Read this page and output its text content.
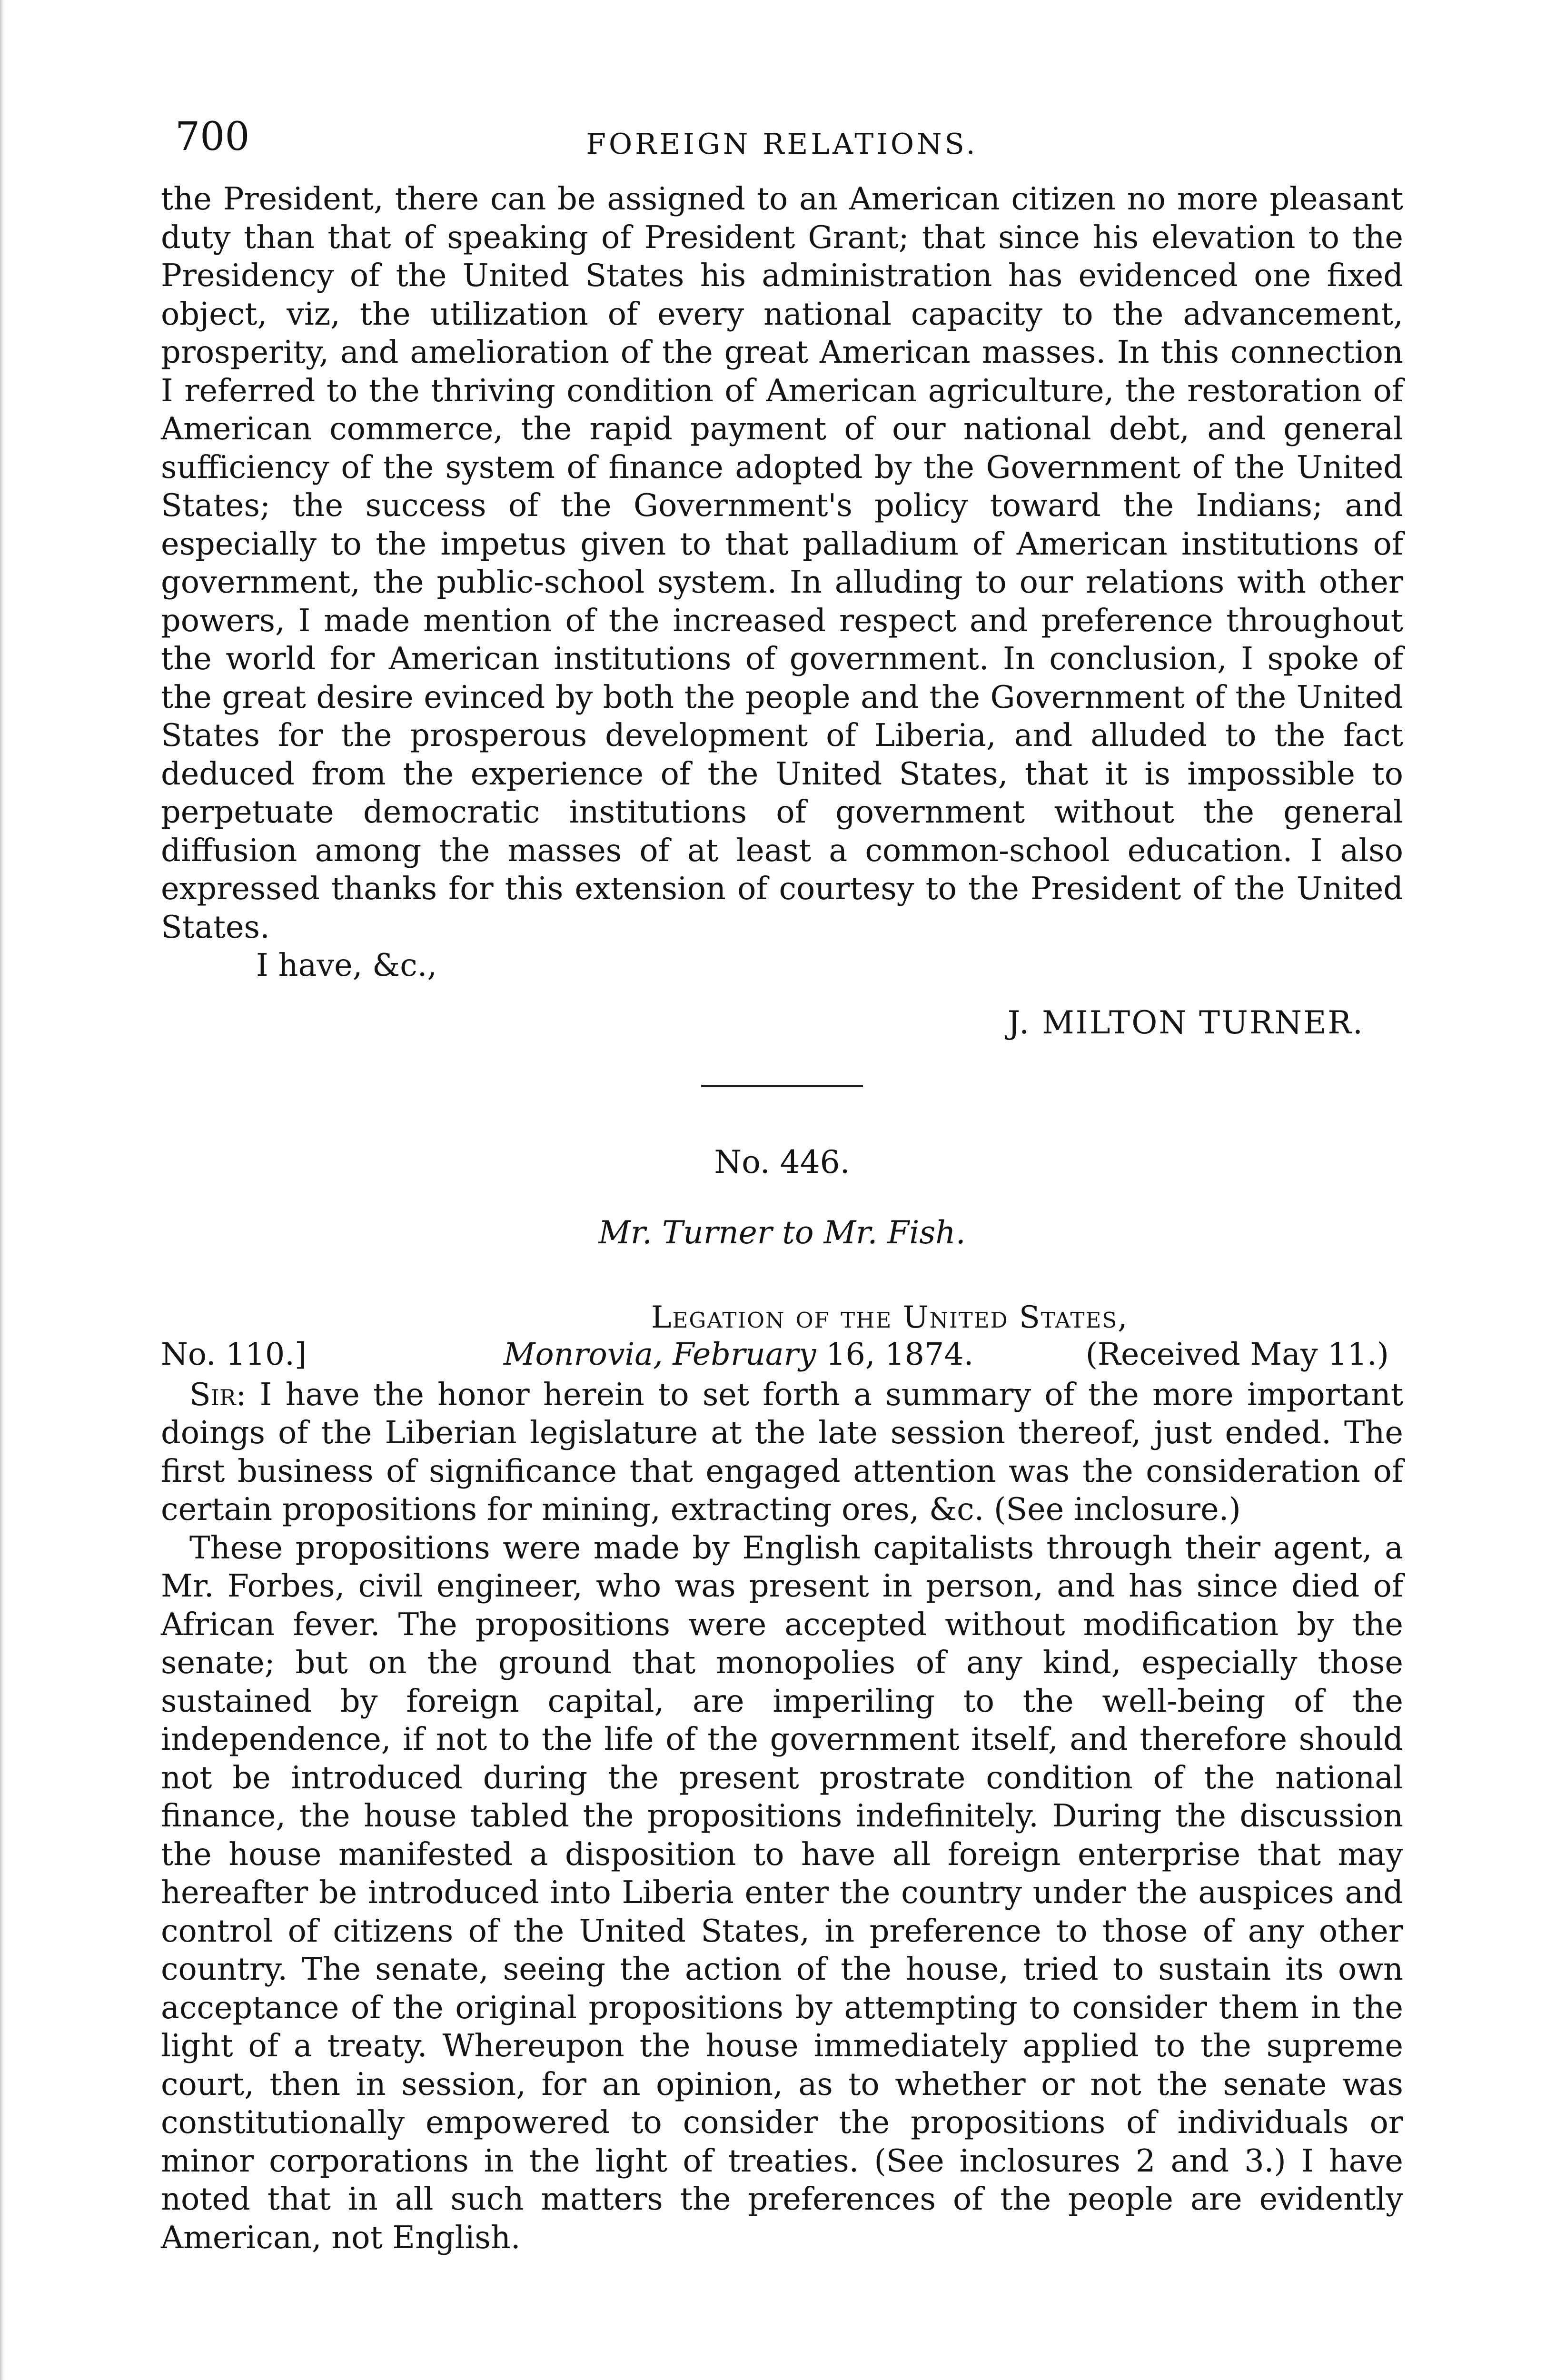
700	FOREIGN RELATIONS.

the President, there can be assigned to an American citizen no more pleasant duty than that of speaking of President Grant; that since his elevation to the Presidency of the United States his administration has evidenced one fixed object, viz, the utilization of every national capacity to the advancement, prosperity, and amelioration of the great American masses. In this connection I referred to the thriving condition of American agriculture, the restoration of American commerce, the rapid payment of our national debt, and general sufficiency of the system of finance adopted by the Government of the United States; the success of the Government's policy toward the Indians; and especially to the impetus given to that palladium of American institutions of government, the public-school system. In alluding to our relations with other powers, I made mention of the increased respect and preference throughout the world for American institutions of government. In conclusion, I spoke of the great desire evinced by both the people and the Government of the United States for the prosperous development of Liberia, and alluded to the fact deduced from the experience of the United States, that it is impossible to perpetuate democratic institutions of government without the general diffusion among the masses of at least a common-school education. I also expressed thanks for this extension of courtesy to the President of the United States.

I have, &c.,

J. MILTON TURNER.

No. 446.

Mr. Turner to Mr. Fish.

Legation of the United States,

No. 110.]	Monrovia, February 16, 1874.	(Received May 11.)

Sir: I have the honor herein to set forth a summary of the more important doings of the Liberian legislature at the late session thereof, just ended. The first business of significance that engaged attention was the consideration of certain propositions for mining, extracting ores, &c. (See inclosure.)

These propositions were made by English capitalists through their agent, a Mr. Forbes, civil engineer, who was present in person, and has since died of African fever. The propositions were accepted without modification by the senate; but on the ground that monopolies of any kind, especially those sustained by foreign capital, are imperiling to the well-being of the independence, if not to the life of the government itself, and therefore should not be introduced during the present prostrate condition of the national finance, the house tabled the propositions indefinitely. During the discussion the house manifested a disposition to have all foreign enterprise that may hereafter be introduced into Liberia enter the country under the auspices and control of citizens of the United States, in preference to those of any other country. The senate, seeing the action of the house, tried to sustain its own acceptance of the original propositions by attempting to consider them in the light of a treaty. Whereupon the house immediately applied to the supreme court, then in session, for an opinion, as to whether or not the senate was constitutionally empowered to consider the propositions of individuals or minor corporations in the light of treaties. (See inclosures 2 and 3.) I have noted that in all such matters the preferences of the people are evidently American, not English.
